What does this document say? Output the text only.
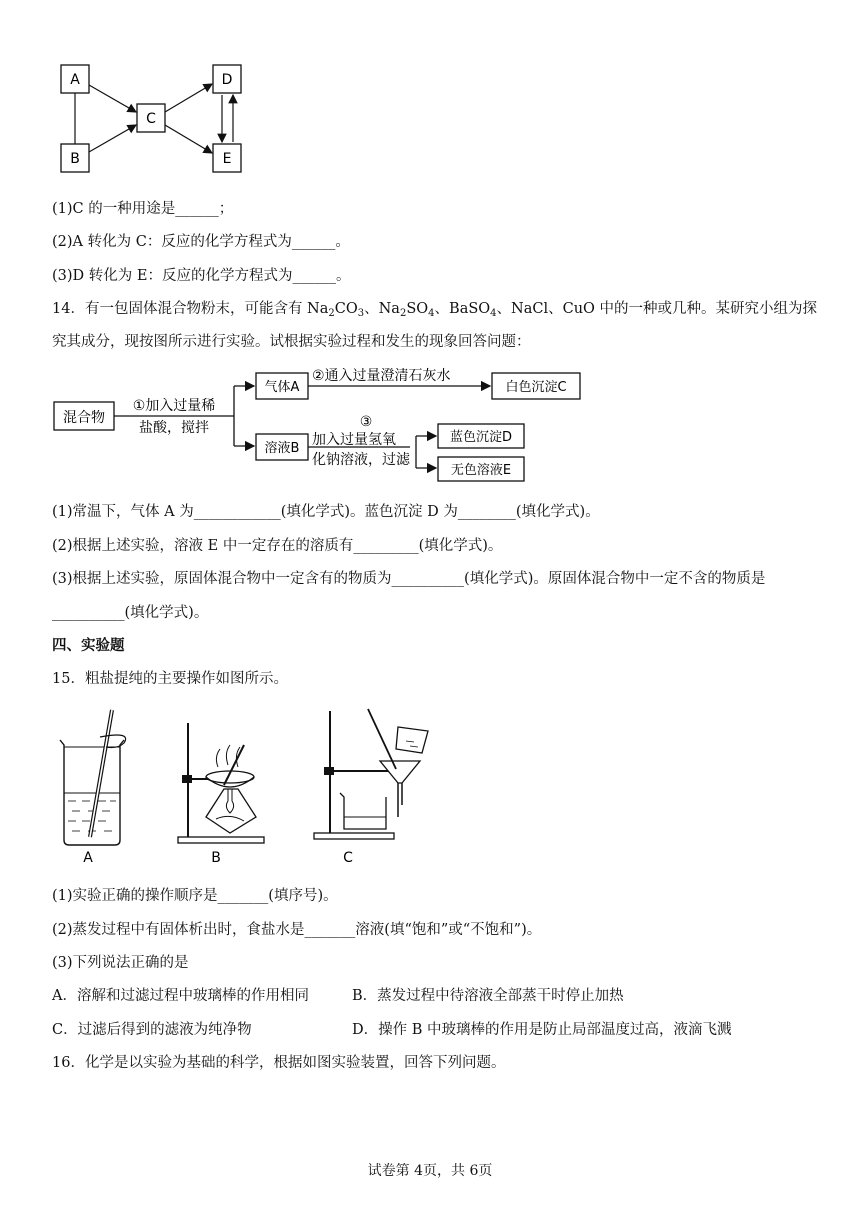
A
B
C
D
E
(1)C 的一种用途是______；
(2)A 转化为 C：反应的化学方程式为______。
(3)D 转化为 E：反应的化学方程式为______。
14．有一包固体混合物粉末，可能含有 $Na_2CO_3$、$Na_2SO_4$、BaSO$_4$、NaCl、CuO 中的一种或几种。某研究小组为探
究其成分，现按图所示进行实验。试根据实验过程和发生的现象回答问题：
混合物
①加入过量稀
盐酸，搅拌
气体A
②通入过量澄清石灰水
白色沉淀C
溶液B
③
加入过量氢氧
化钠溶液，过滤
蓝色沉淀D
无色溶液E
(1)常温下，气体 A 为____________(填化学式)。蓝色沉淀 D 为________(填化学式)。
(2)根据上述实验，溶液 E 中一定存在的溶质有_________(填化学式)。
(3)根据上述实验，原固体混合物中一定含有的物质为__________(填化学式)。原固体混合物中一定不含的物质是
__________(填化学式)。
四、实验题
15．粗盐提纯的主要操作如图所示。
A	B	C
(1)实验正确的操作顺序是_______(填序号)。
(2)蒸发过程中有固体析出时，食盐水是_______溶液(填“饱和”或“不饱和”)。
(3)下列说法正确的是
A．溶解和过滤过程中玻璃棒的作用相同	B．蒸发过程中待溶液全部蒸干时停止加热
C．过滤后得到的滤液为纯净物	D．操作 B 中玻璃棒的作用是防止局部温度过高，液滴飞溅
16．化学是以实验为基础的科学，根据如图实验装置，回答下列问题。
试卷第 4页，共 6页
